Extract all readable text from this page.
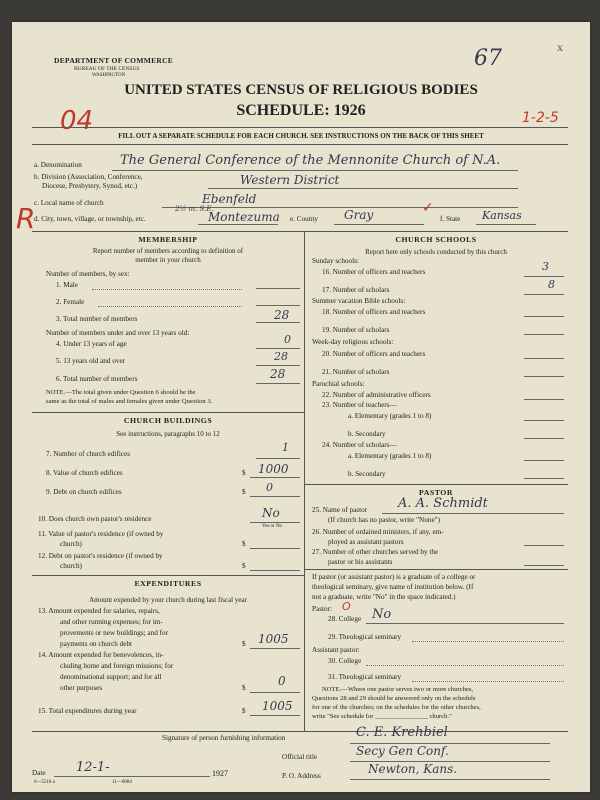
DEPARTMENT OF COMMERCE
BUREAU OF THE CENSUS
WASHINGTON
67	x
UNITED STATES CENSUS OF RELIGIOUS BODIES
SCHEDULE: 1926
04	1-2-5
R
FILL OUT A SEPARATE SCHEDULE FOR EACH CHURCH. SEE INSTRUCTIONS ON THE BACK OF THIS SHEET
a. Denomination	The General Conference of the Mennonite Church of N.A.
b. Division (Association, Conference,
Diocese, Presbytery, Synod, etc.)	Western District
c. Local name of church	Ebenfeld
d. City, town, village, or township, etc.
2½ m. S.E.
Montezuma e. County Gray	✓
f. State Kansas
MEMBERSHIP
Report number of members according to definition of
member in your church
Number of members, by sex:
1. Male
2. Female
3. Total number of members	28
Number of members under and over 13 years old:
4. Under 13 years of age	0
5. 13 years old and over	28
6. Total number of members	28
NOTE.—The total given under Question 6 should be the
same as the total of males and females given under Question 3.
CHURCH BUILDINGS
See instructions, paragraphs 10 to 12
7. Number of church edifices	1
8. Value of church edifices	$ 1000
9. Debt on church edifices	$ 0
10. Does church own pastor's residence	No
Yes or No
11. Value of pastor's residence (if owned by
church)	$
12. Debt on pastor's residence (if owned by
church)	$
EXPENDITURES
Amount expended by your church during last fiscal year
13. Amount expended for salaries, repairs,
and other running expenses; for im-
provements or new buildings; and for
payments on church debt	$ 1005
14. Amount expended for benevolences, in-
cluding home and foreign missions; for
denominational support; and for all
other purposes	$	0
15. Total expenditures during year	$ 1005
CHURCH SCHOOLS
Report here only schools conducted by this church
Sunday schools:
16. Number of officers and teachers	3
17. Number of scholars	8
Summer vacation Bible schools:
18. Number of officers and teachers
19. Number of scholars
Week-day religious schools:
20. Number of officers and teachers
21. Number of scholars
Parochial schools:
22. Number of administrative officers
23. Number of teachers—
a. Elementary (grades 1 to 8)
b. Secondary
24. Number of scholars—
a. Elementary (grades 1 to 8)
b. Secondary
PASTOR
25. Name of pastor A. A. Schmidt
(If church has no pastor, write "None")
26. Number of ordained ministers, if any, em-
ployed as assistant pastors
27. Number of other churches served by the
pastor or his assistants
If pastor (or assistant pastor) is a graduate of a college or
theological seminary, give name of institution below. (If
not a graduate, write "No" in the space indicated.)
Pastor: O
28. College No
29. Theological seminary
Assistant pastor:
30. College
31. Theological seminary
NOTE.—Where one pastor serves two or more churches,
Questions 28 and 29 should be answered only on the schedule
for one of the churches; on the schedules for the other churches,
write "See schedule for ________________ church."
Signature of person furnishing information	C. E. Krehbiel
Official title	Secy Gen Conf.
Date 12-1-	1927	P. O. Address	Newton, Kans.
6—5518 a	11—0084
